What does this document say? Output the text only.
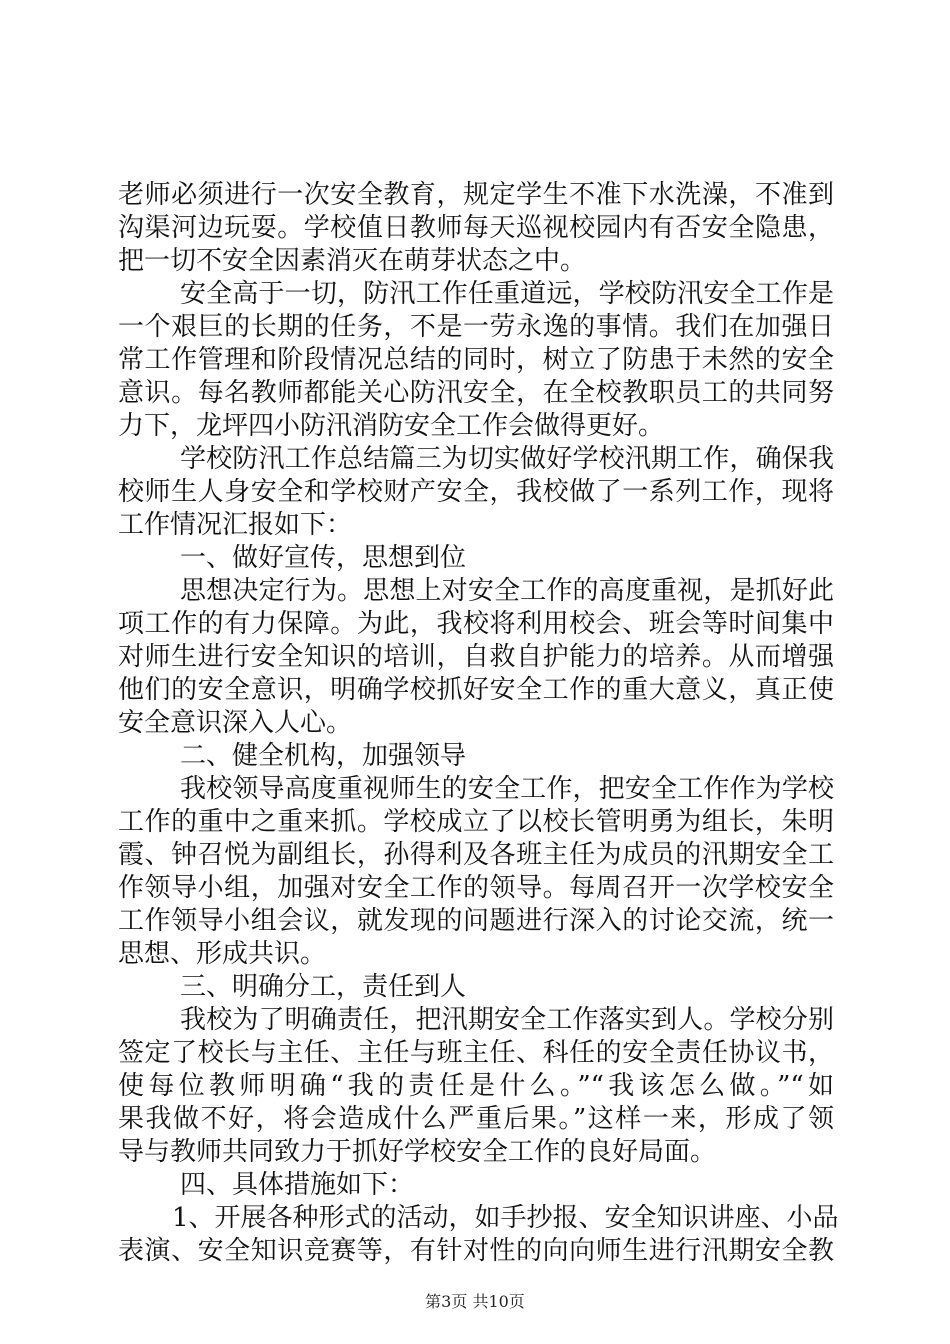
老师必须进行一次安全教育，规定学生不准下水洗澡，不准到
沟渠河边玩耍。学校值日教师每天巡视校园内有否安全隐患，
把一切不安全因素消灭在萌芽状态之中。
安全高于一切，防汛工作任重道远，学校防汛安全工作是
一个艰巨的长期的任务，不是一劳永逸的事情。我们在加强日
常工作管理和阶段情况总结的同时，树立了防患于未然的安全
意识。每名教师都能关心防汛安全，在全校教职员工的共同努
力下，龙坪四小防汛消防安全工作会做得更好。
学校防汛工作总结篇三为切实做好学校汛期工作，确保我
校师生人身安全和学校财产安全，我校做了一系列工作，现将
工作情况汇报如下：
一、做好宣传，思想到位
思想决定行为。思想上对安全工作的高度重视，是抓好此
项工作的有力保障。为此，我校将利用校会、班会等时间集中
对师生进行安全知识的培训，自救自护能力的培养。从而增强
他们的安全意识，明确学校抓好安全工作的重大意义，真正使
安全意识深入人心。
二、健全机构，加强领导
我校领导高度重视师生的安全工作，把安全工作作为学校
工作的重中之重来抓。学校成立了以校长管明勇为组长，朱明
霞、钟召悦为副组长，孙得利及各班主任为成员的汛期安全工
作领导小组，加强对安全工作的领导。每周召开一次学校安全
工作领导小组会议，就发现的问题进行深入的讨论交流，统一
思想、形成共识。
三、明确分工，责任到人
我校为了明确责任，把汛期安全工作落实到人。学校分别
签定了校长与主任、主任与班主任、科任的安全责任协议书，
使每位教师明确“我的责任是什么。”“我该怎么做。”“如
果我做不好，将会造成什么严重后果。”这样一来，形成了领
导与教师共同致力于抓好学校安全工作的良好局面。
四、具体措施如下：
1、开展各种形式的活动，如手抄报、安全知识讲座、小品
表演、安全知识竞赛等，有针对性的向向师生进行汛期安全教
第3页 共10页
